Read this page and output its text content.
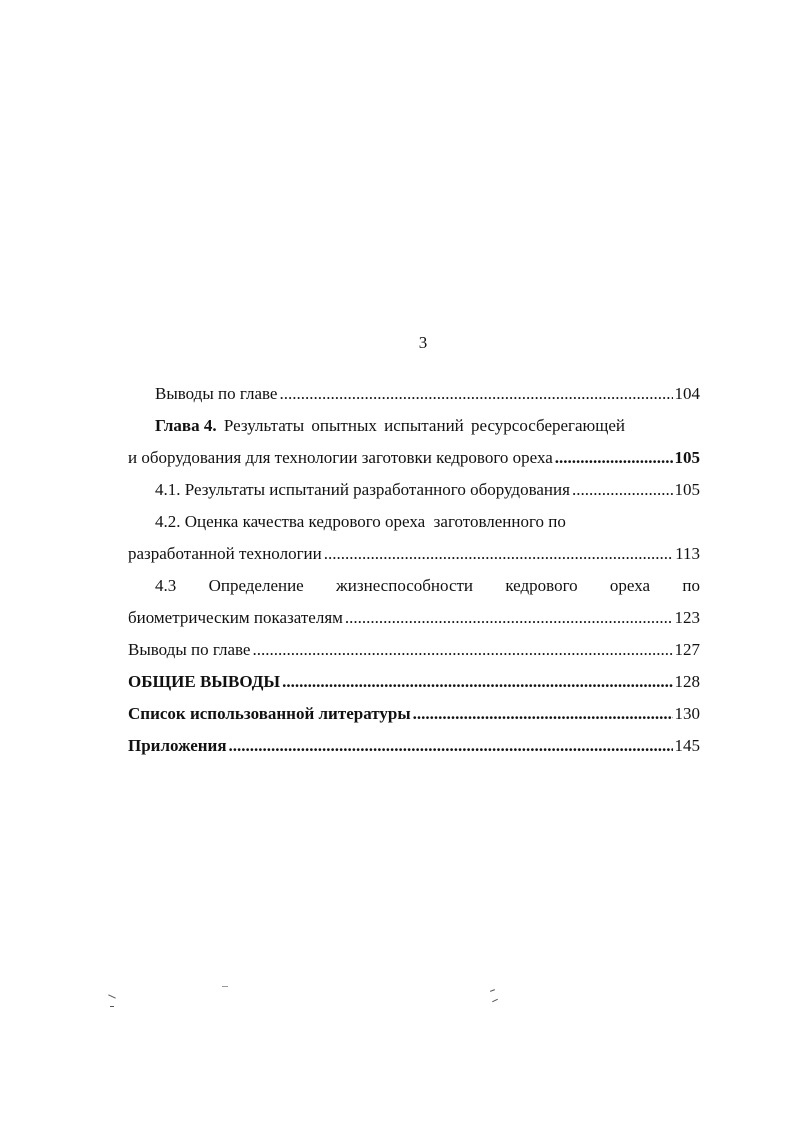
3
Выводы по главе .....	104
Глава 4. Результаты опытных испытаний ресурсосберегающей
и оборудования для технологии заготовки кедрового ореха .....	105
4.1. Результаты испытаний разработанного оборудования .....	105
4.2. Оценка качества кедрового ореха  заготовленного по
разработанной технологии .....	113
4.3 Определение жизнеспособности кедрового ореха по
биометрическим показателям .....	123
Выводы по главе .....	127
ОБЩИЕ ВЫВОДЫ .....	128
Список использованной литературы .....	130
Приложения .....	145
